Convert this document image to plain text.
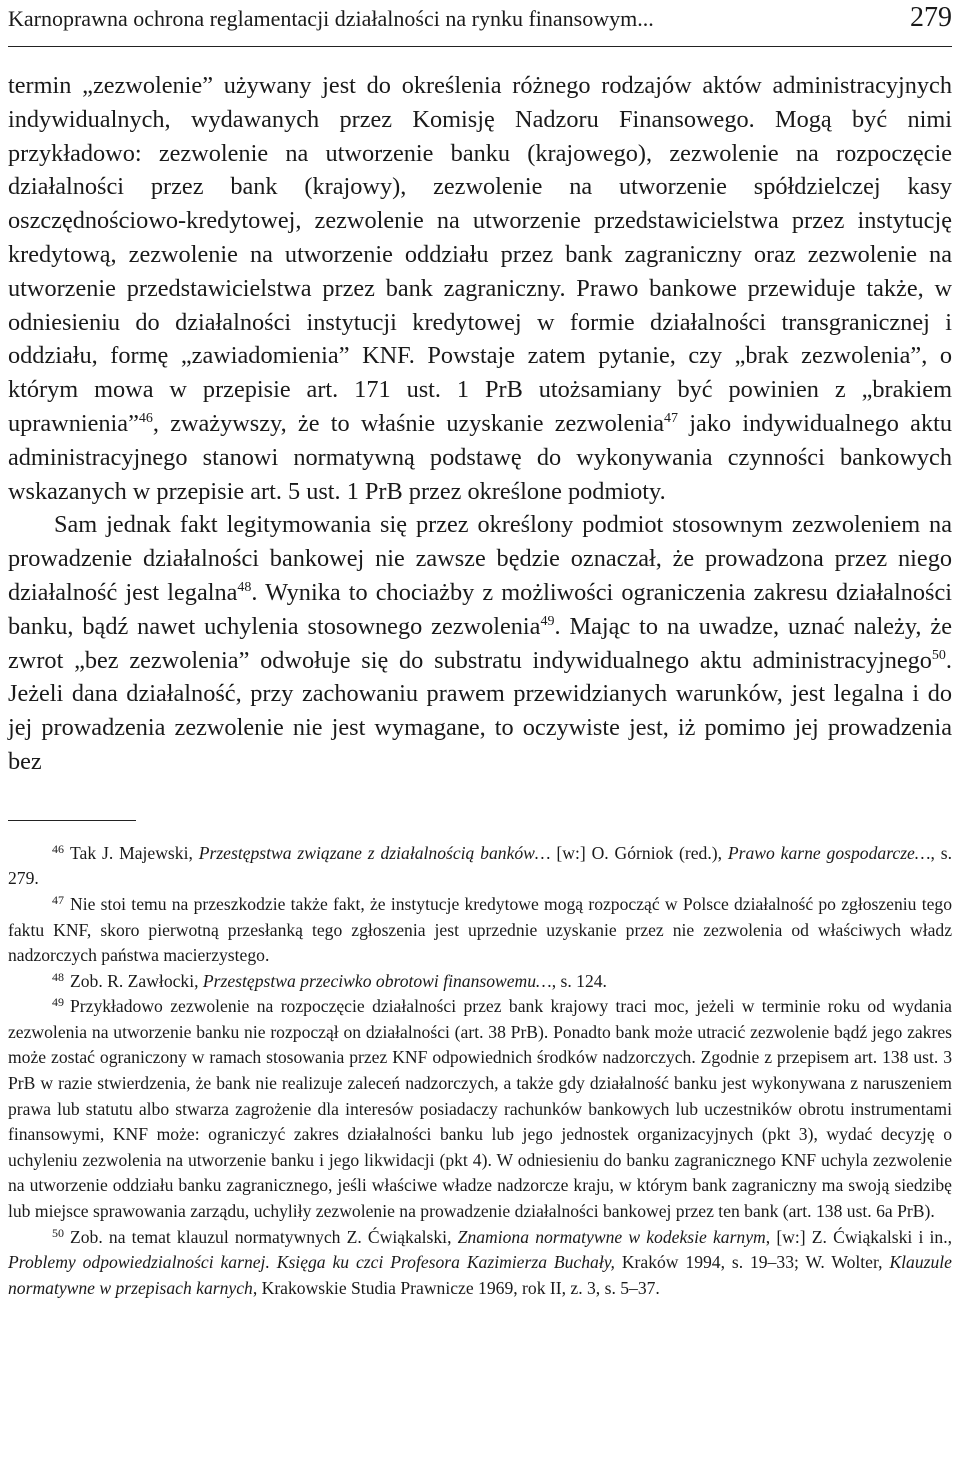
Karnoprawna ochrona reglamentacji działalności na rynku finansowym...	279

termin „zezwolenie” używany jest do określenia różnego rodzajów aktów administracyjnych indywidualnych, wydawanych przez Komisję Nadzoru Finansowego. Mogą być nimi przykładowo: zezwolenie na utworzenie banku (krajowego), zezwolenie na rozpoczęcie działalności przez bank (krajowy), zezwolenie na utworzenie spółdzielczej kasy oszczędnościowo-kredytowej, zezwolenie na utworzenie przedstawicielstwa przez instytucję kredytową, zezwolenie na utworzenie oddziału przez bank zagraniczny oraz zezwolenie na utworzenie przedstawicielstwa przez bank zagraniczny. Prawo bankowe przewiduje także, w odniesieniu do działalności instytucji kredytowej w formie działalności transgranicznej i oddziału, formę „zawiadomienia” KNF. Powstaje zatem pytanie, czy „brak zezwolenia”, o którym mowa w przepisie art. 171 ust. 1 PrB utożsamiany być powinien z „brakiem uprawnienia”$^{46}$, zważywszy, że to właśnie uzyskanie zezwolenia$^{47}$ jako indywidualnego aktu administracyjnego stanowi normatywną podstawę do wykonywania czynności bankowych wskazanych w przepisie art. 5 ust. 1 PrB przez określone podmioty.

Sam jednak fakt legitymowania się przez określony podmiot stosownym zezwoleniem na prowadzenie działalności bankowej nie zawsze będzie oznaczał, że prowadzona przez niego działalność jest legalna$^{48}$. Wynika to chociażby z możliwości ograniczenia zakresu działalności banku, bądź nawet uchylenia stosownego zezwolenia$^{49}$. Mając to na uwadze, uznać należy, że zwrot „bez zezwolenia” odwołuje się do substratu indywidualnego aktu administracyjnego$^{50}$. Jeżeli dana działalność, przy zachowaniu prawem przewidzianych warunków, jest legalna i do jej prowadzenia zezwolenie nie jest wymagane, to oczywiste jest, iż pomimo jej prowadzenia bez

$^{46}$ Tak J. Majewski, Przestępstwa związane z działalnością banków… [w:] O. Górniok (red.), Prawo karne gospodarcze…, s. 279.

$^{47}$ Nie stoi temu na przeszkodzie także fakt, że instytucje kredytowe mogą rozpocząć w Polsce działalność po zgłoszeniu tego faktu KNF, skoro pierwotną przesłanką tego zgłoszenia jest uprzednie uzyskanie przez nie zezwolenia od właściwych władz nadzorczych państwa macierzystego.

$^{48}$ Zob. R. Zawłocki, Przestępstwa przeciwko obrotowi finansowemu…, s. 124.

$^{49}$ Przykładowo zezwolenie na rozpoczęcie działalności przez bank krajowy traci moc, jeżeli w terminie roku od wydania zezwolenia na utworzenie banku nie rozpoczął on działalności (art. 38 PrB). Ponadto bank może utracić zezwolenie bądź jego zakres może zostać ograniczony w ramach stosowania przez KNF odpowiednich środków nadzorczych. Zgodnie z przepisem art. 138 ust. 3 PrB w razie stwierdzenia, że bank nie realizuje zaleceń nadzorczych, a także gdy działalność banku jest wykonywana z naruszeniem prawa lub statutu albo stwarza zagrożenie dla interesów posiadaczy rachunków bankowych lub uczestników obrotu instrumentami finansowymi, KNF może: ograniczyć zakres działalności banku lub jego jednostek organizacyjnych (pkt 3), wydać decyzję o uchyleniu zezwolenia na utworzenie banku i jego likwidacji (pkt 4). W odniesieniu do banku zagranicznego KNF uchyla zezwolenie na utworzenie oddziału banku zagranicznego, jeśli właściwe władze nadzorcze kraju, w którym bank zagraniczny ma swoją siedzibę lub miejsce sprawowania zarządu, uchyliły zezwolenie na prowadzenie działalności bankowej przez ten bank (art. 138 ust. 6a PrB).

$^{50}$ Zob. na temat klauzul normatywnych Z. Ćwiąkalski, Znamiona normatywne w kodeksie karnym, [w:] Z. Ćwiąkalski i in., Problemy odpowiedzialności karnej. Księga ku czci Profesora Kazimierza Buchały, Kraków 1994, s. 19–33; W. Wolter, Klauzule normatywne w przepisach karnych, Krakowskie Studia Prawnicze 1969, rok II, z. 3, s. 5–37.
